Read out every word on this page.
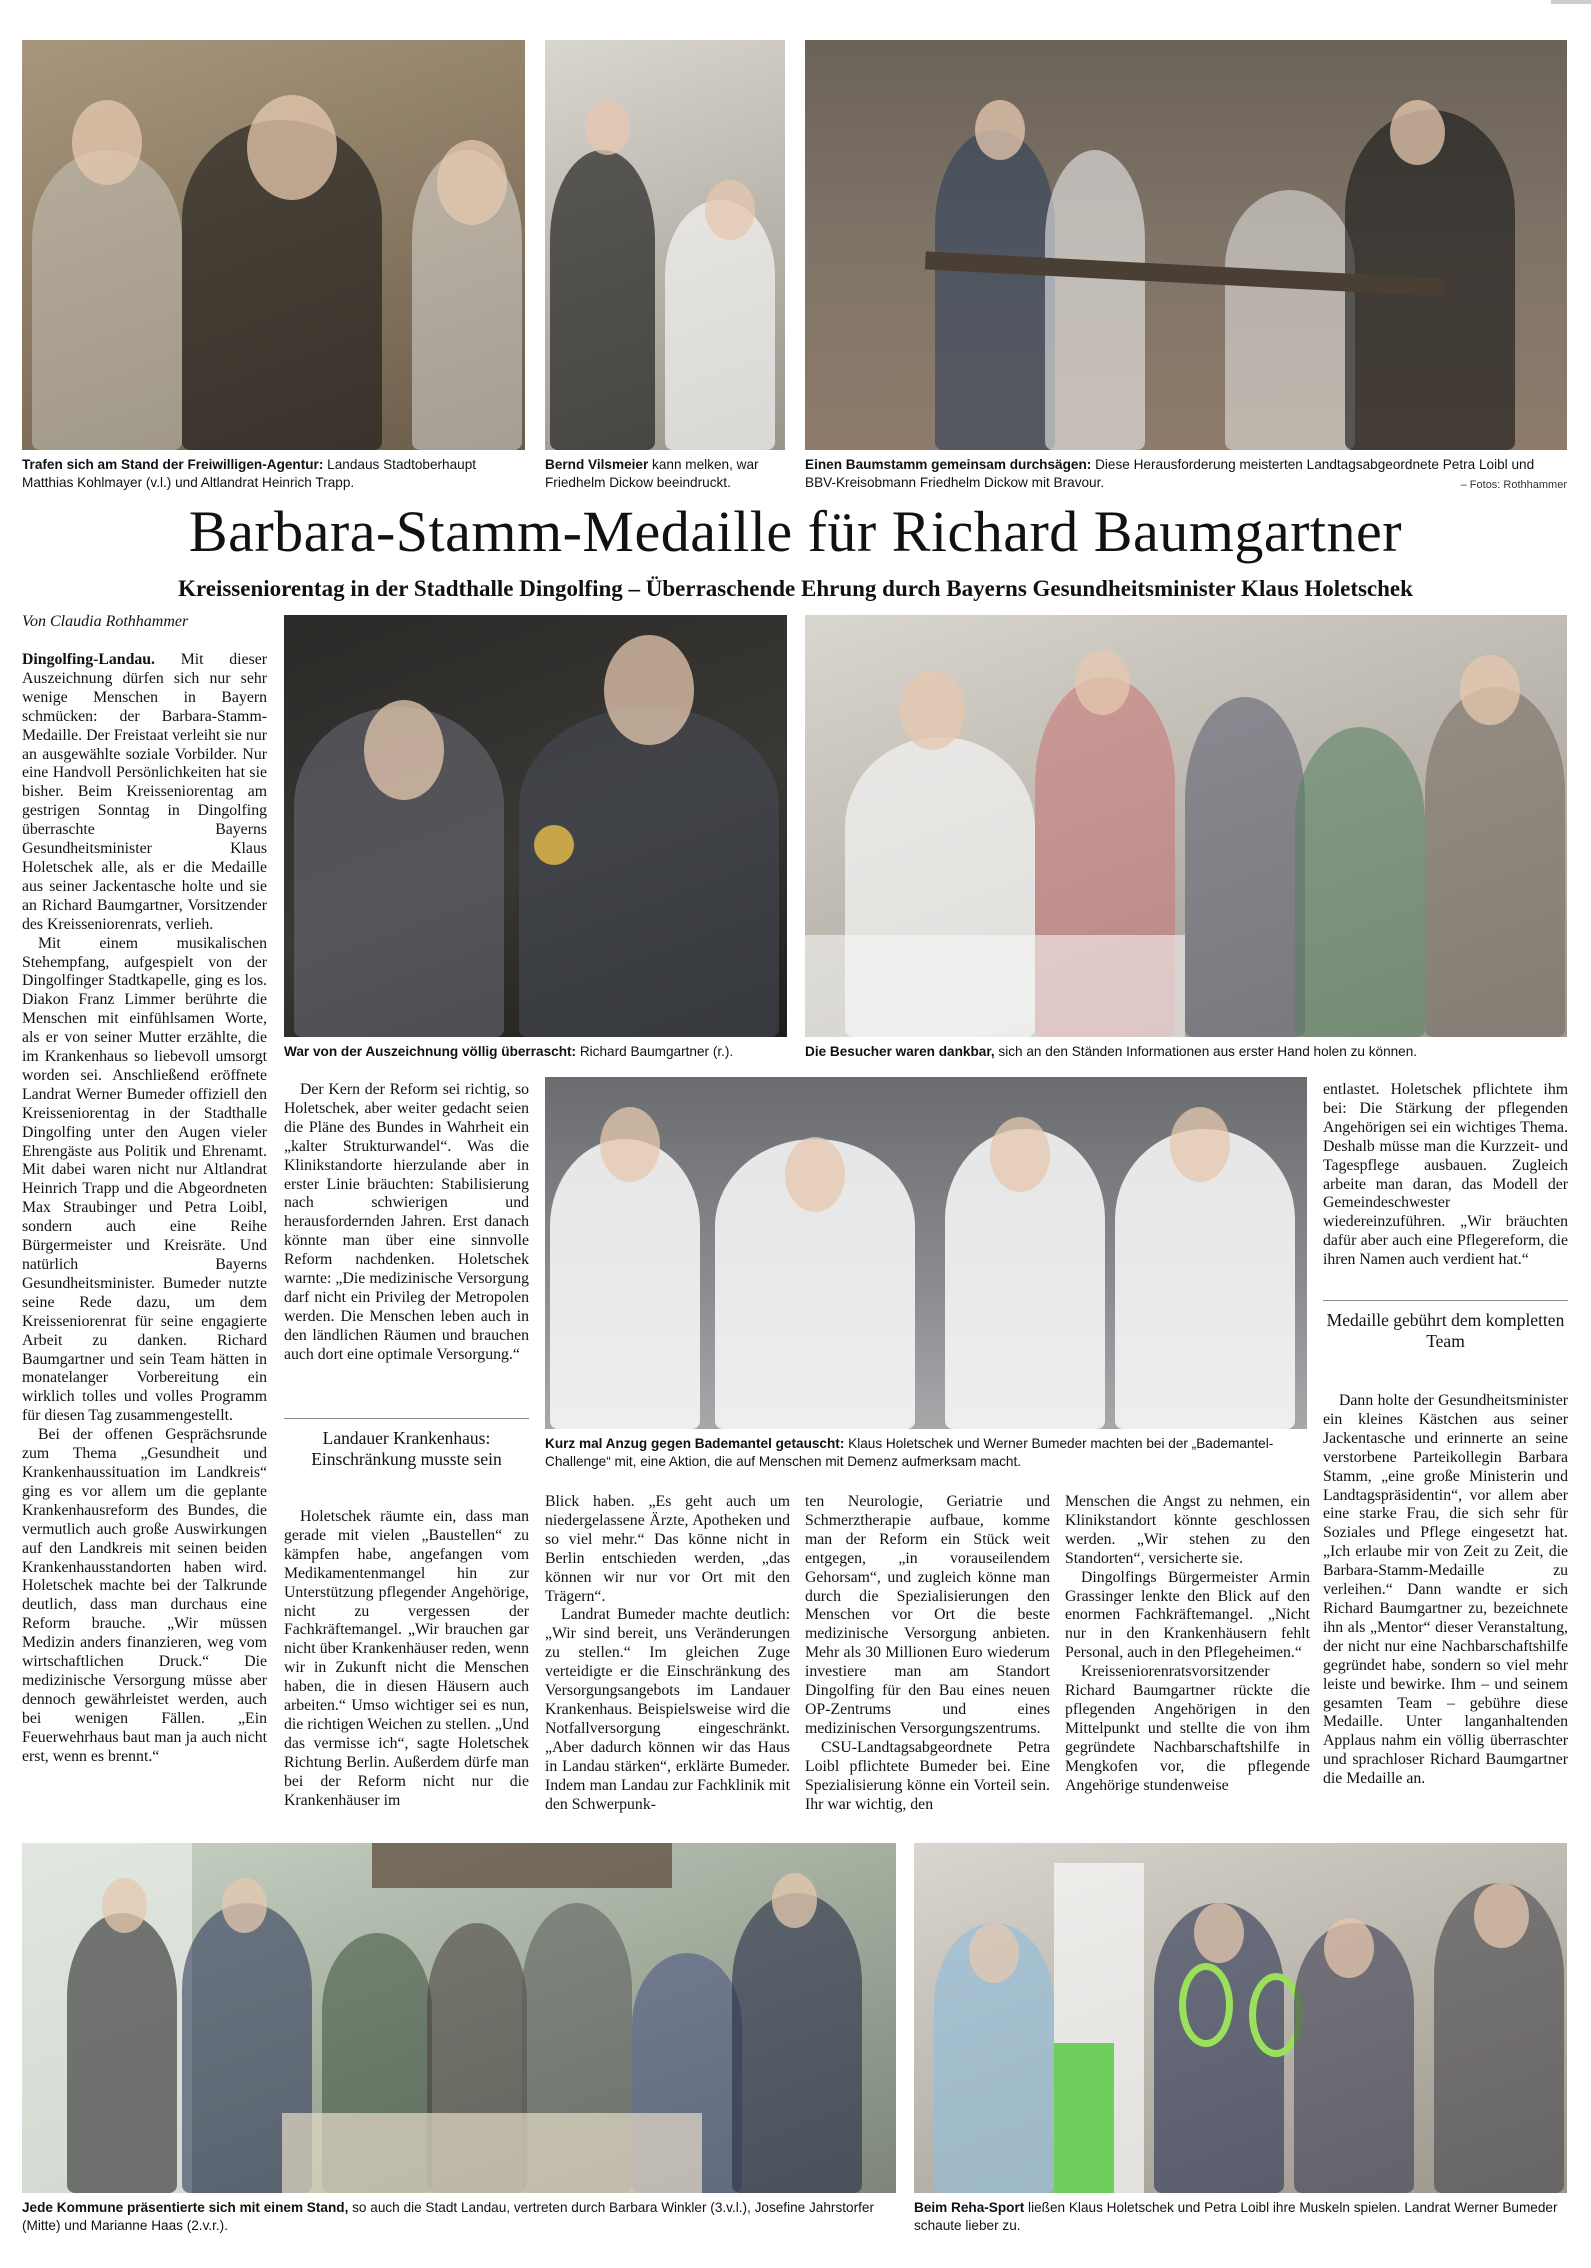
Trafen sich am Stand der Freiwilligen-Agentur: Landaus Stadtoberhaupt Matthias Kohlmayer (v.l.) und Altlandrat Heinrich Trapp.
Bernd Vilsmeier kann melken, war Friedhelm Dickow beeindruckt.
Einen Baumstamm gemeinsam durchsägen: Diese Herausforderung meisterten Landtagsabgeordnete Petra Loibl und BBV-Kreisobmann Friedhelm Dickow mit Bravour.	– Fotos: Rothhammer
Barbara-Stamm-Medaille für Richard Baumgartner
Kreisseniorentag in der Stadthalle Dingolfing – Überraschende Ehrung durch Bayerns Gesundheitsminister Klaus Holetschek
Von Claudia Rothhammer

Dingolfing-Landau. Mit dieser Auszeichnung dürfen sich nur sehr wenige Menschen in Bayern schmücken: der Barbara-Stamm-Medaille. Der Freistaat verleiht sie nur an ausgewählte soziale Vorbilder. Nur eine Handvoll Persönlichkeiten hat sie bisher. Beim Kreisseniorentag am gestrigen Sonntag in Dingolfing überraschte Bayerns Gesundheitsminister Klaus Holetschek alle, als er die Medaille aus seiner Jackentasche holte und sie an Richard Baumgartner, Vorsitzender des Kreisseniorenrats, verlieh.

Mit einem musikalischen Stehempfang, aufgespielt von der Dingolfinger Stadtkapelle, ging es los. Diakon Franz Limmer berührte die Menschen mit einfühlsamen Worte, als er von seiner Mutter erzählte, die im Krankenhaus so liebevoll umsorgt worden sei. Anschließend eröffnete Landrat Werner Bumeder offiziell den Kreisseniorentag in der Stadthalle Dingolfing unter den Augen vieler Ehrengäste aus Politik und Ehrenamt. Mit dabei waren nicht nur Altlandrat Heinrich Trapp und die Abgeordneten Max Straubinger und Petra Loibl, sondern auch eine Reihe Bürgermeister und Kreisräte. Und natürlich Bayerns Gesundheitsminister. Bumeder nutzte seine Rede dazu, um dem Kreisseniorenrat für seine engagierte Arbeit zu danken. Richard Baumgartner und sein Team hätten in monatelanger Vorbereitung ein wirklich tolles und volles Programm für diesen Tag zusammengestellt.

Bei der offenen Gesprächsrunde zum Thema „Gesundheit und Krankenhaussituation im Landkreis“ ging es vor allem um die geplante Krankenhausreform des Bundes, die vermutlich auch große Auswirkungen auf den Landkreis mit seinen beiden Krankenhausstandorten haben wird. Holetschek machte bei der Talkrunde deutlich, dass man durchaus eine Reform brauche. „Wir müssen Medizin anders finanzieren, weg vom wirtschaftlichen Druck.“ Die medizinische Versorgung müsse aber dennoch gewährleistet werden, auch bei wenigen Fällen. „Ein Feuerwehrhaus baut man ja auch nicht erst, wenn es brennt.“

War von der Auszeichnung völlig überrascht: Richard Baumgartner (r.).	Die Besucher waren dankbar, sich an den Ständen Informationen aus erster Hand holen zu können.

Der Kern der Reform sei richtig, so Holetschek, aber weiter gedacht seien die Pläne des Bundes in Wahrheit ein „kalter Strukturwandel“. Was die Klinikstandorte hierzulande aber in erster Linie bräuchten: Stabilisierung nach schwierigen und herausfordernden Jahren. Erst danach könnte man über eine sinnvolle Reform nachdenken. Holetschek warnte: „Die medizinische Versorgung darf nicht ein Privileg der Metropolen werden. Die Menschen leben auch in den ländlichen Räumen und brauchen auch dort eine optimale Versorgung.“

Landauer Krankenhaus: Einschränkung musste sein

Holetschek räumte ein, dass man gerade mit vielen „Baustellen“ zu kämpfen habe, angefangen vom Medikamentenmangel hin zur Unterstützung pflegender Angehörige, nicht zu vergessen der Fachkräftemangel. „Wir brauchen gar nicht über Krankenhäuser reden, wenn wir in Zukunft nicht die Menschen haben, die in diesen Häusern auch arbeiten.“ Umso wichtiger sei es nun, die richtigen Weichen zu stellen. „Und das vermisse ich“, sagte Holetschek Richtung Berlin. Außerdem dürfe man bei der Reform nicht nur die Krankenhäuser im

Kurz mal Anzug gegen Bademantel getauscht: Klaus Holetschek und Werner Bumeder machten bei der „Bademantel-Challenge“ mit, eine Aktion, die auf Menschen mit Demenz aufmerksam macht.

Blick haben. „Es geht auch um niedergelassene Ärzte, Apotheken und so viel mehr.“ Das könne nicht in Berlin entschieden werden, „das können wir nur vor Ort mit den Trägern“.

Landrat Bumeder machte deutlich: „Wir sind bereit, uns Veränderungen zu stellen.“ Im gleichen Zuge verteidigte er die Einschränkung des Versorgungsangebots im Landauer Krankenhaus. Beispielsweise wird die Notfallversorgung eingeschränkt. „Aber dadurch können wir das Haus in Landau stärken“, erklärte Bumeder. Indem man Landau zur Fachklinik mit den Schwerpunk-

ten Neurologie, Geriatrie und Schmerztherapie aufbaue, komme man der Reform ein Stück weit entgegen, „in vorauseilendem Gehorsam“, und zugleich könne man durch die Spezialisierungen den Menschen vor Ort die beste medizinische Versorgung anbieten. Mehr als 30 Millionen Euro wiederum investiere man am Standort Dingolfing für den Bau eines neuen OP-Zentrums und eines medizinischen Versorgungszentrums.

CSU-Landtagsabgeordnete Petra Loibl pflichtete Bumeder bei. Eine Spezialisierung könne ein Vorteil sein. Ihr war wichtig, den

Menschen die Angst zu nehmen, ein Klinikstandort könnte geschlossen werden. „Wir stehen zu den Standorten“, versicherte sie.

Dingolfings Bürgermeister Armin Grassinger lenkte den Blick auf den enormen Fachkräftemangel. „Nicht nur in den Krankenhäusern fehlt Personal, auch in den Pflegeheimen.“

Kreisseniorenratsvorsitzender Richard Baumgartner rückte die pflegenden Angehörigen in den Mittelpunkt und stellte die von ihm gegründete Nachbarschaftshilfe in Mengkofen vor, die pflegende Angehörige stundenweise

entlastet. Holetschek pflichtete ihm bei: Die Stärkung der pflegenden Angehörigen sei ein wichtiges Thema. Deshalb müsse man die Kurzzeit- und Tagespflege ausbauen. Zugleich arbeite man daran, das Modell der Gemeindeschwester wiedereinzuführen. „Wir bräuchten dafür aber auch eine Pflegereform, die ihren Namen auch verdient hat.“

Medaille gebührt dem kompletten Team

Dann holte der Gesundheitsminister ein kleines Kästchen aus seiner Jackentasche und erinnerte an seine verstorbene Parteikollegin Barbara Stamm, „eine große Ministerin und Landtagspräsidentin“, vor allem aber eine starke Frau, die sich sehr für Soziales und Pflege eingesetzt hat. „Ich erlaube mir von Zeit zu Zeit, die Barbara-Stamm-Medaille zu verleihen.“ Dann wandte er sich Richard Baumgartner zu, bezeichnete ihn als „Mentor“ dieser Veranstaltung, der nicht nur eine Nachbarschaftshilfe gegründet habe, sondern so viel mehr leiste und bewirke. Ihm – und seinem gesamten Team – gebühre diese Medaille. Unter langanhaltenden Applaus nahm ein völlig überraschter und sprachloser Richard Baumgartner die Medaille an.

Jede Kommune präsentierte sich mit einem Stand, so auch die Stadt Landau, vertreten durch Barbara Winkler (3.v.l.), Josefine Jahrstorfer (Mitte) und Marianne Haas (2.v.r.).
Beim Reha-Sport ließen Klaus Holetschek und Petra Loibl ihre Muskeln spielen. Landrat Werner Bumeder schaute lieber zu.
